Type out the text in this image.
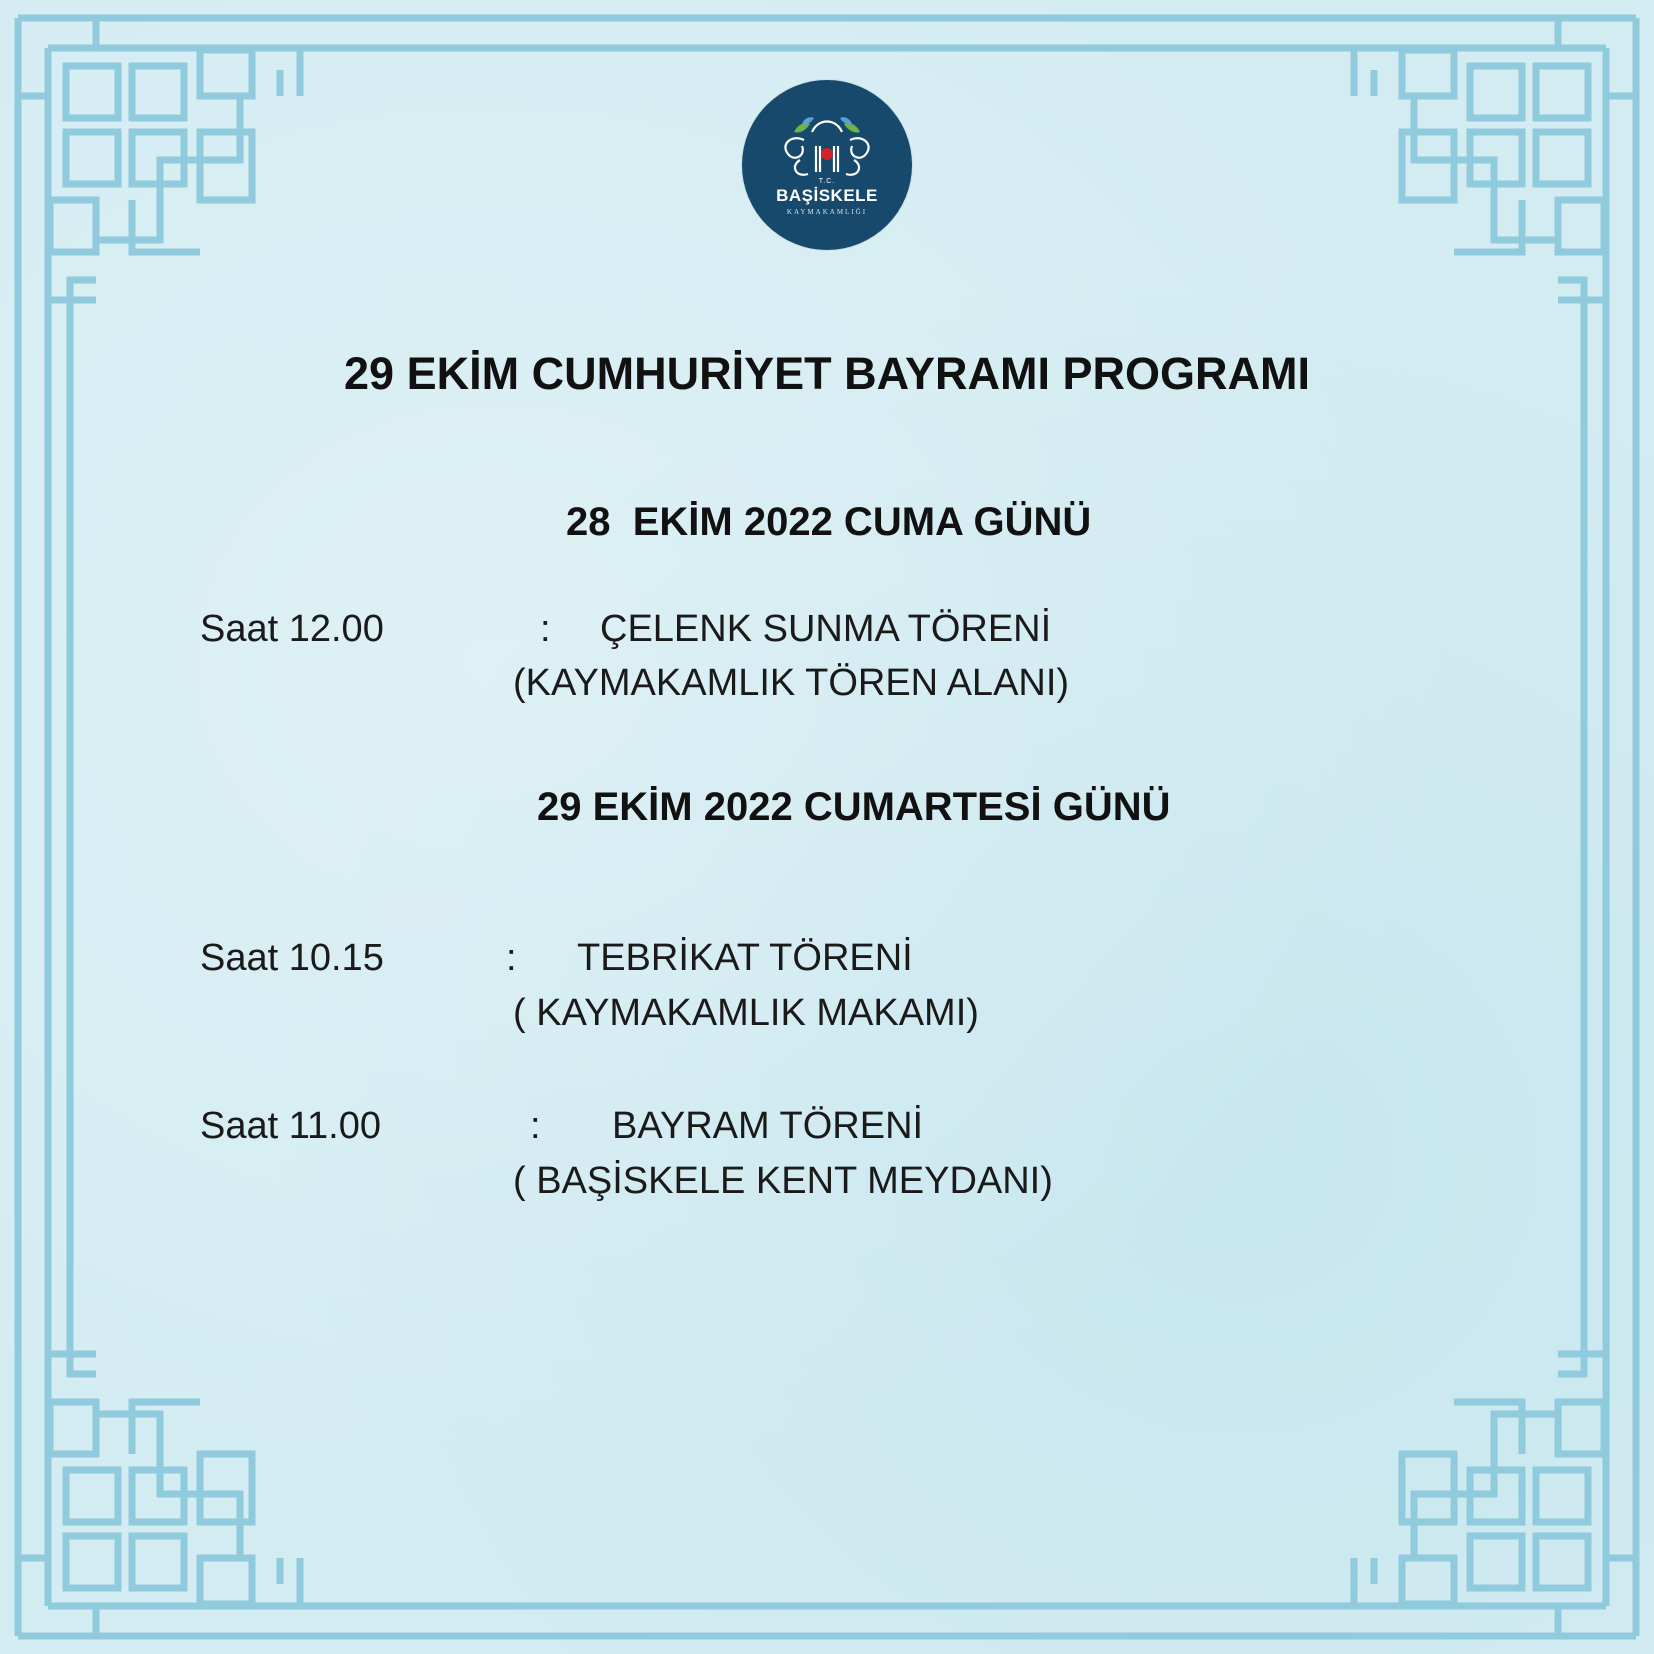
T.C.
BAŞİSKELE
KAYMAKAMLIĞI
29 EKİM CUMHURİYET BAYRAMI PROGRAMI
28  EKİM 2022 CUMA GÜNÜ
Saat 12.00	: ÇELENK SUNMA TÖRENİ
(KAYMAKAMLIK TÖREN ALANI)
29 EKİM 2022 CUMARTESİ GÜNÜ
Saat 10.15	: TEBRİKAT TÖRENİ
( KAYMAKAMLIK MAKAMI)
Saat 11.00	: BAYRAM TÖRENİ
( BAŞİSKELE KENT MEYDANI)
